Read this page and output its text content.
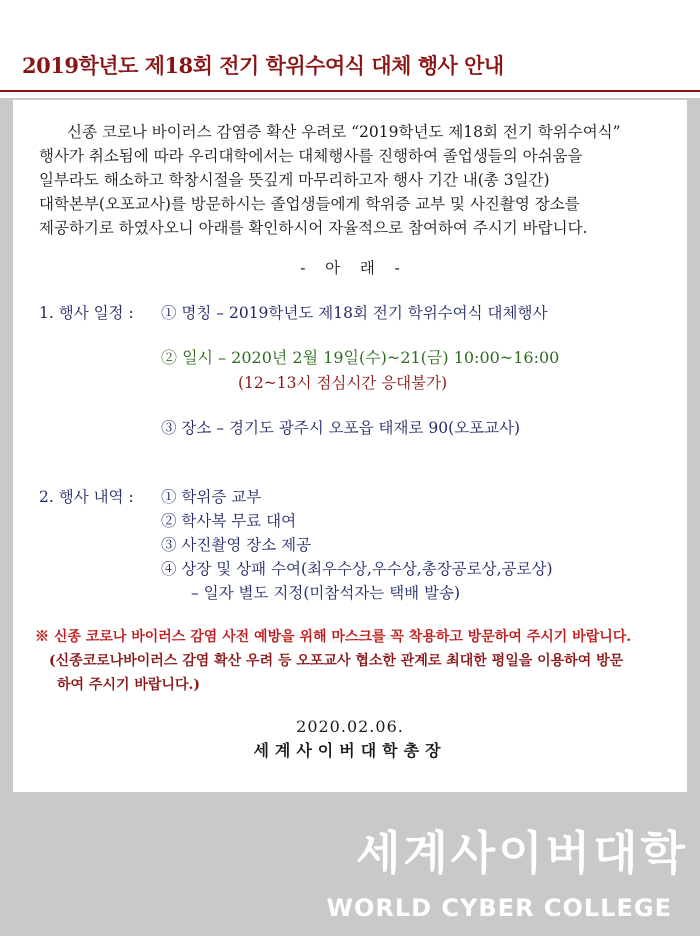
2019학년도 제18회 전기 학위수여식 대체 행사 안내
신종 코로나 바이러스 감염증 확산 우려로 “2019학년도 제18회 전기 학위수여식”
행사가 취소됨에 따라 우리대학에서는 대체행사를 진행하여 졸업생들의 아쉬움을
일부라도 해소하고 학창시절을 뜻깊게 마무리하고자 행사 기간 내(총 3일간)
대학본부(오포교사)를 방문하시는 졸업생들에게 학위증 교부 및 사진촬영 장소를
제공하기로 하였사오니 아래를 확인하시어 자율적으로 참여하여 주시기 바랍니다.
-    아    래    -
1. 행사 일정 : ① 명칭 – 2019학년도 제18회 전기 학위수여식 대체행사
② 일시 – 2020년 2월 19일(수)~21(금) 10:00~16:00
(12~13시 점심시간 응대불가)
③ 장소 – 경기도 광주시 오포읍 태재로 90(오포교사)
2. 행사 내역 : ① 학위증 교부
② 학사복 무료 대여
③ 사진촬영 장소 제공
④ 상장 및 상패 수여(최우수상,우수상,총장공로상,공로상)
– 일자 별도 지정(미참석자는 택배 발송)
※ 신종 코로나 바이러스 감염 사전 예방을 위해 마스크를 꼭 착용하고 방문하여 주시기 바랍니다.
(신종코로나바이러스 감염 확산 우려 등 오포교사 협소한 관계로 최대한 평일을 이용하여 방문
하여 주시기 바랍니다.)
2020.02.06.
세계사이버대학총장
세계사이버대학
WORLD CYBER COLLEGE
